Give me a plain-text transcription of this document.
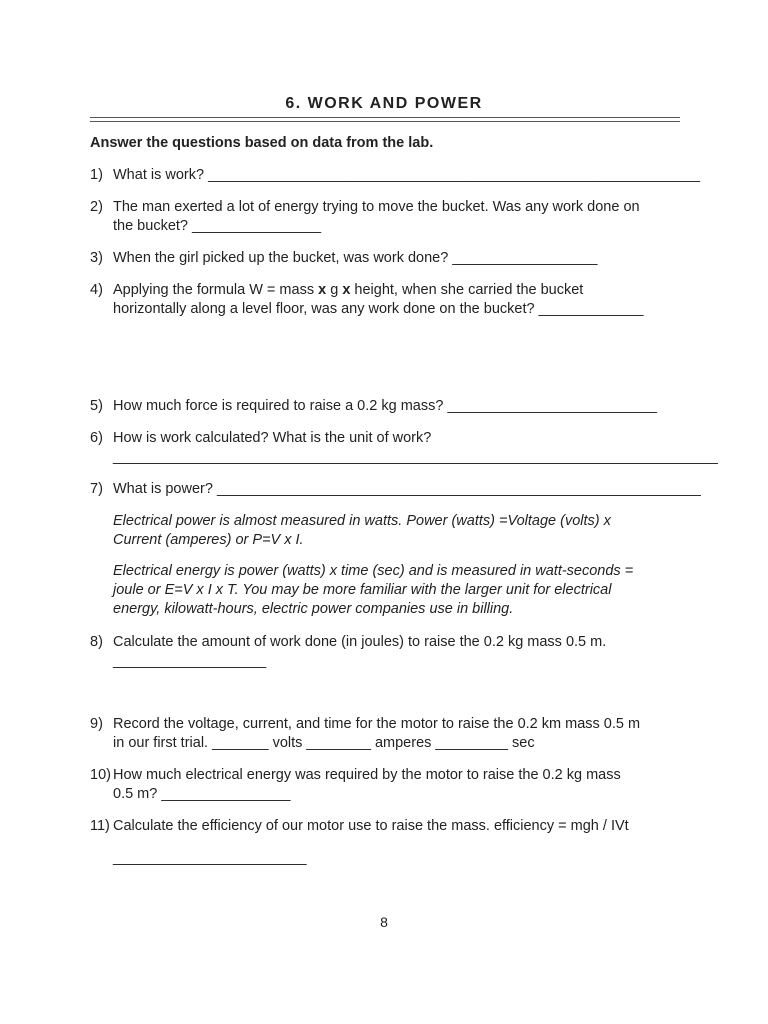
6. WORK AND POWER
Answer the questions based on data from the lab.
1) What is work? _____________________________________________________________
2) The man exerted a lot of energy trying to move the bucket. Was any work done on
the bucket? ________________
3) When the girl picked up the bucket, was work done? __________________
4) Applying the formula W = mass x g x height, when she carried the bucket
horizontally along a level floor, was any work done on the bucket? _____________
5) How much force is required to raise a 0.2 kg mass? __________________________
6) How is work calculated? What is the unit of work?
___________________________________________________________________________
7) What is power? ____________________________________________________________
Electrical power is almost measured in watts. Power (watts) =Voltage (volts) x
Current (amperes) or P=V x I.
Electrical energy is power (watts) x time (sec) and is measured in watt-seconds =
joule or E=V x I x T. You may be more familiar with the larger unit for electrical
energy, kilowatt-hours, electric power companies use in billing.
8) Calculate the amount of work done (in joules) to raise the 0.2 kg mass 0.5 m.
___________________
9) Record the voltage, current, and time for the motor to raise the 0.2 km mass 0.5 m
in our first trial. _______ volts ________ amperes _________ sec
10) How much electrical energy was required by the motor to raise the 0.2 kg mass
0.5 m? ________________
11) Calculate the efficiency of our motor use to raise the mass. efficiency = mgh / IVt
________________________
8
